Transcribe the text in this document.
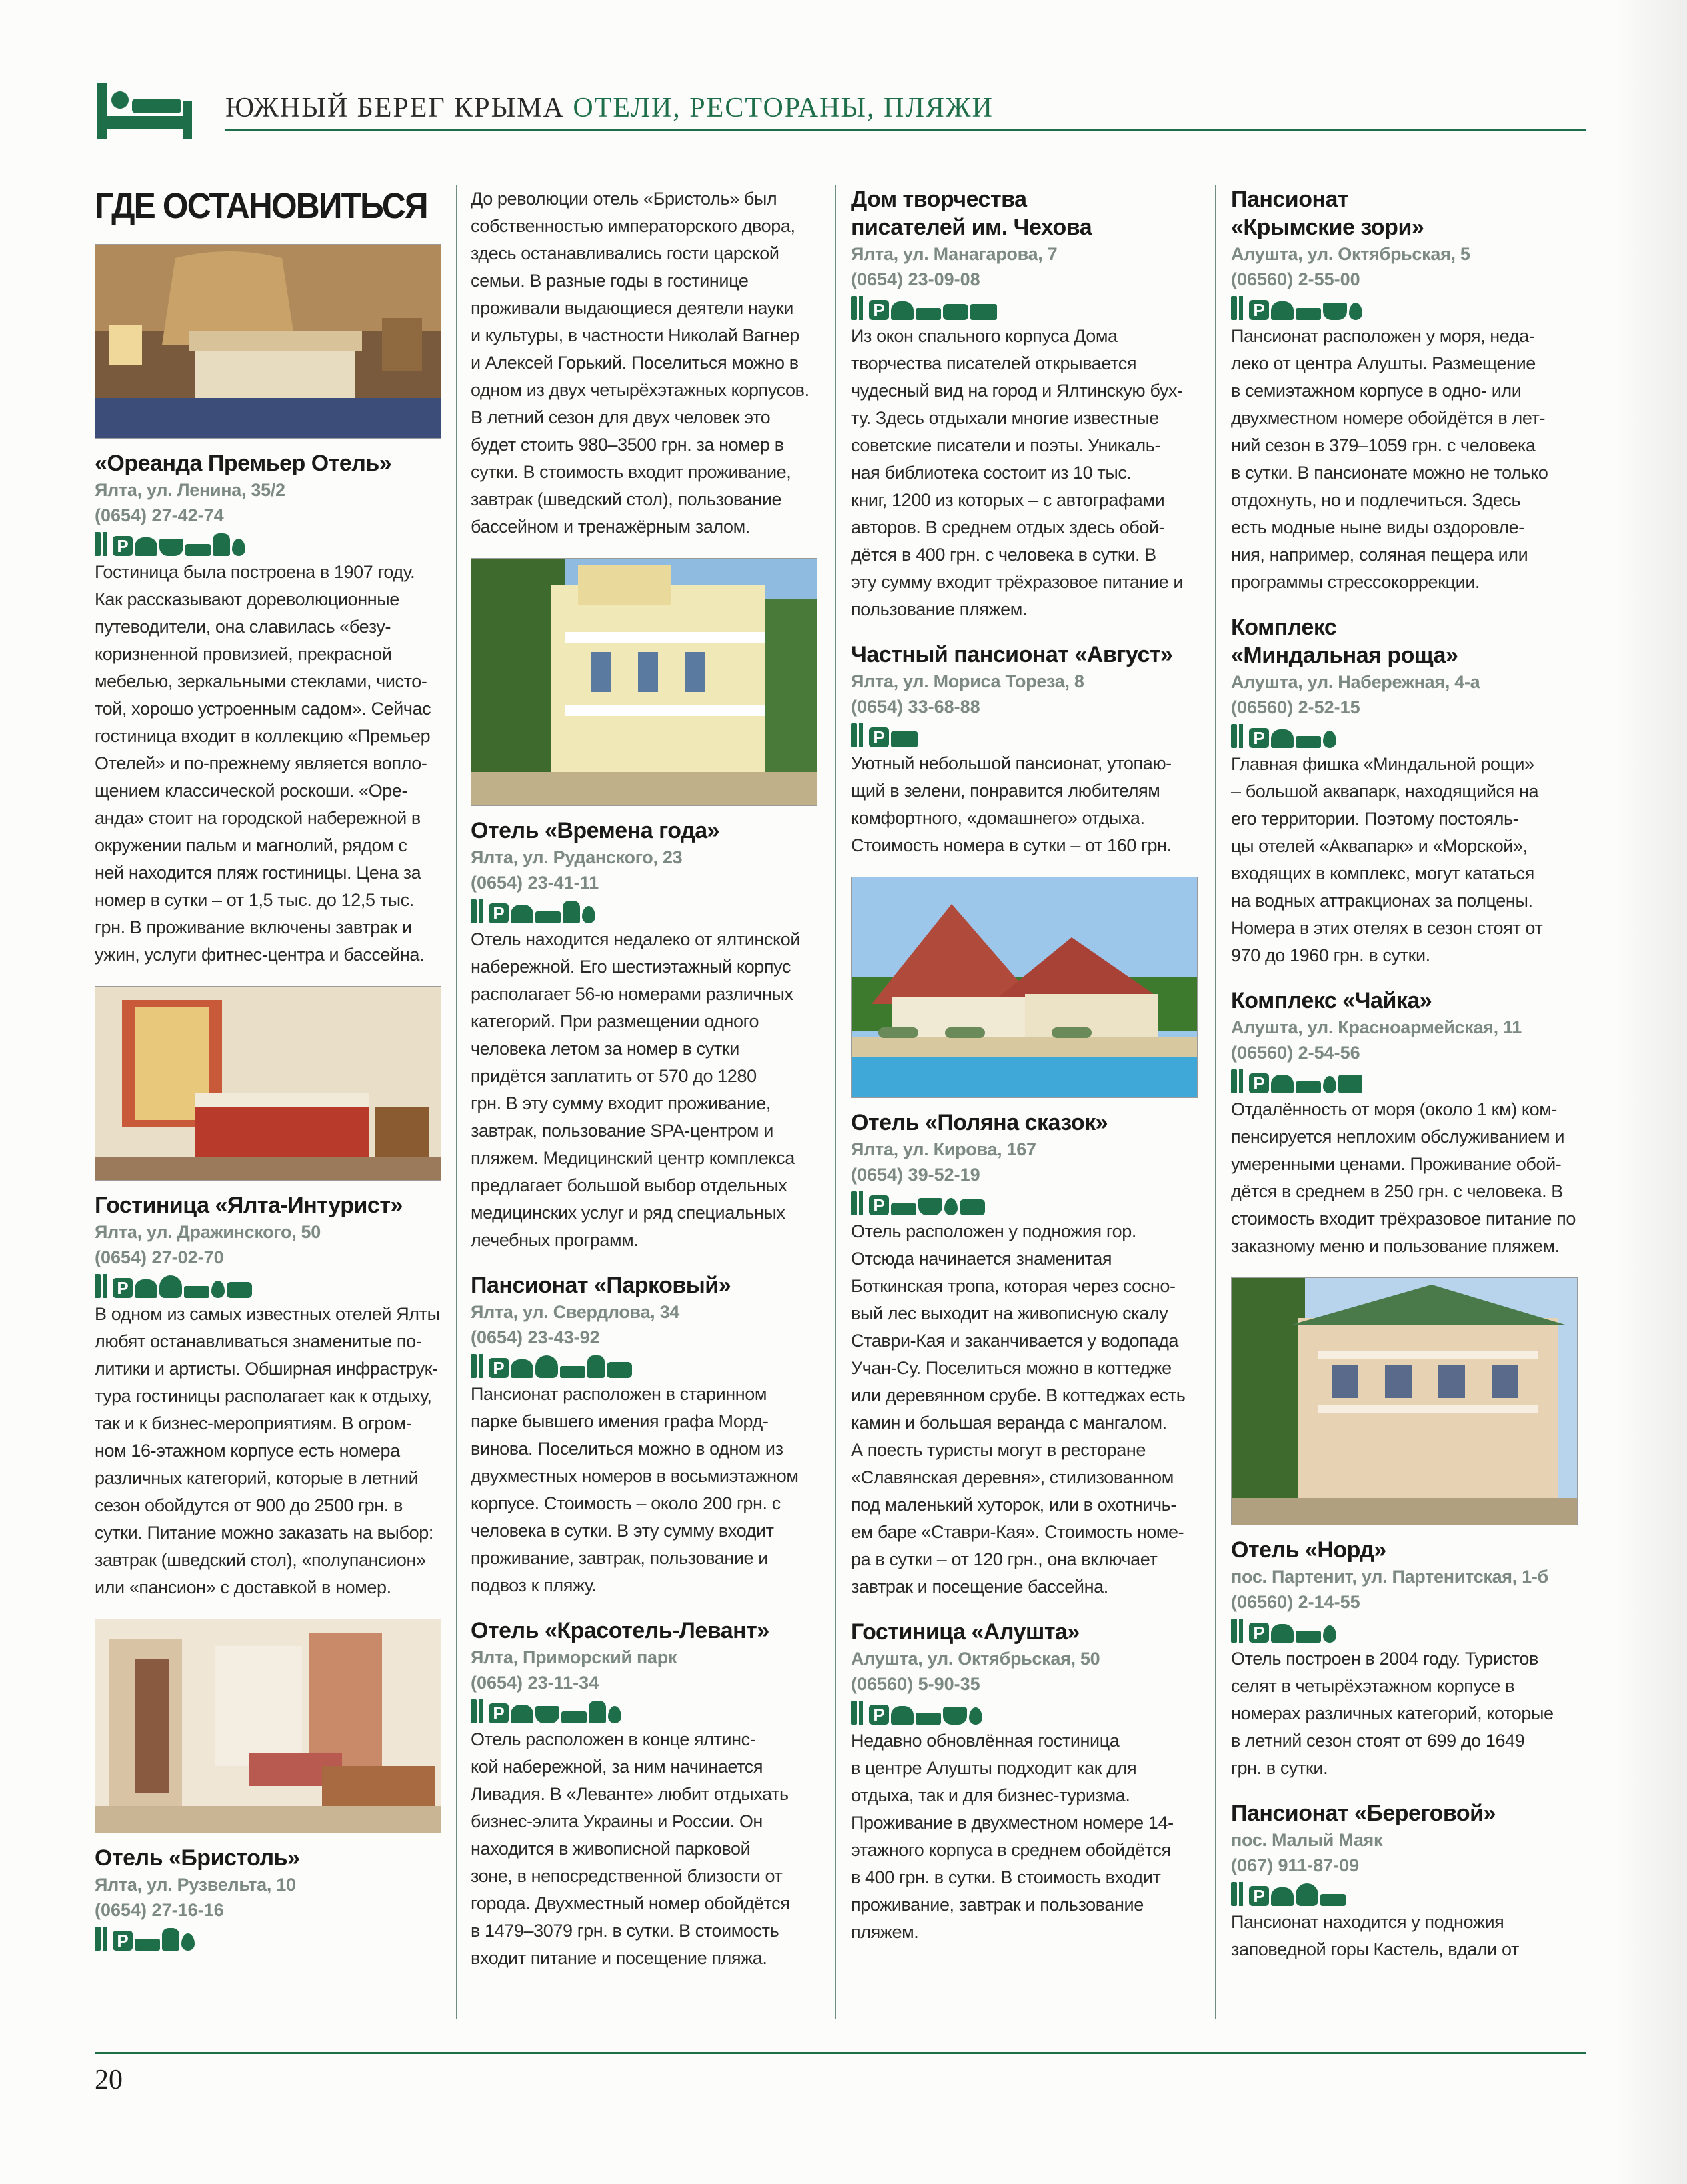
ЮЖНЫЙ БЕРЕГ КРЫМА ОТЕЛИ, РЕСТОРАНЫ, ПЛЯЖИ
ГДЕ ОСТАНОВИТЬСЯ
«Ореанда Премьер Отель»
Ялта, ул. Ленина, 35/2
(0654) 27-42-74
P
Гостиница была построена в 1907 году.
Как рассказывают дореволюционные
путеводители, она славилась «безу-
коризненной провизией, прекрасной
мебелью, зеркальными стеклами, чисто-
той, хорошо устроенным садом». Сейчас
гостиница входит в коллекцию «Премьер
Отелей» и по-прежнему является вопло-
щением классической роскоши. «Оре-
анда» стоит на городской набережной в
окружении пальм и магнолий, рядом с
ней находится пляж гостиницы. Цена за
номер в сутки – от 1,5 тыс. до 12,5 тыс.
грн. В проживание включены завтрак и
ужин, услуги фитнес-центра и бассейна.
Гостиница «Ялта-Интурист»
Ялта, ул. Дражинского, 50
(0654) 27-02-70
P
В одном из самых известных отелей Ялты
любят останавливаться знаменитые по-
литики и артисты. Обширная инфраструк-
тура гостиницы располагает как к отдыху,
так и к бизнес-мероприятиям. В огром-
ном 16-этажном корпусе есть номера
различных категорий, которые в летний
сезон обойдутся от 900 до 2500 грн. в
сутки. Питание можно заказать на выбор:
завтрак (шведский стол), «полупансион»
или «пансион» с доставкой в номер.
Отель «Бристоль»
Ялта, ул. Рузвельта, 10
(0654) 27-16-16
P
До революции отель «Бристоль» был
собственностью императорского двора,
здесь останавливались гости царской
семьи. В разные годы в гостинице
проживали выдающиеся деятели науки
и культуры, в частности Николай Вагнер
и Алексей Горький. Поселиться можно в
одном из двух четырёхэтажных корпусов.
В летний сезон для двух человек это
будет стоить 980–3500 грн. за номер в
сутки. В стоимость входит проживание,
завтрак (шведский стол), пользование
бассейном и тренажёрным залом.
Отель «Времена года»
Ялта, ул. Руданского, 23
(0654) 23-41-11
P
Отель находится недалеко от ялтинской
набережной. Его шестиэтажный корпус
располагает 56-ю номерами различных
категорий. При размещении одного
человека летом за номер в сутки
придётся заплатить от 570 до 1280
грн. В эту сумму входит проживание,
завтрак, пользование SPA-центром и
пляжем. Медицинский центр комплекса
предлагает большой выбор отдельных
медицинских услуг и ряд специальных
лечебных программ.
Пансионат «Парковый»
Ялта, ул. Свердлова, 34
(0654) 23-43-92
P
Пансионат расположен в старинном
парке бывшего имения графа Морд-
винова. Поселиться можно в одном из
двухместных номеров в восьмиэтажном
корпусе. Стоимость – около 200 грн. с
человека в сутки. В эту сумму входит
проживание, завтрак, пользование и
подвоз к пляжу.
Отель «Красотель-Левант»
Ялта, Приморский парк
(0654) 23-11-34
P
Отель расположен в конце ялтинс-
кой набережной, за ним начинается
Ливадия. В «Леванте» любит отдыхать
бизнес-элита Украины и России. Он
находится в живописной парковой
зоне, в непосредственной близости от
города. Двухместный номер обойдётся
в 1479–3079 грн. в сутки. В стоимость
входит питание и посещение пляжа.
Дом творчества
писателей им. Чехова
Ялта, ул. Манагарова, 7
(0654) 23-09-08
P
Из окон спального корпуса Дома
творчества писателей открывается
чудесный вид на город и Ялтинскую бух-
ту. Здесь отдыхали многие известные
советские писатели и поэты. Уникаль-
ная библиотека состоит из 10 тыс.
книг, 1200 из которых – с автографами
авторов. В среднем отдых здесь обой-
дётся в 400 грн. с человека в сутки. В
эту сумму входит трёхразовое питание и
пользование пляжем.
Частный пансионат «Август»
Ялта, ул. Мориса Тореза, 8
(0654) 33-68-88
P
Уютный небольшой пансионат, утопаю-
щий в зелени, понравится любителям
комфортного, «домашнего» отдыха.
Стоимость номера в сутки – от 160 грн.
Отель «Поляна сказок»
Ялта, ул. Кирова, 167
(0654) 39-52-19
P
Отель расположен у подножия гор.
Отсюда начинается знаменитая
Боткинская тропа, которая через сосно-
вый лес выходит на живописную скалу
Ставри-Кая и заканчивается у водопада
Учан-Су. Поселиться можно в коттедже
или деревянном срубе. В коттеджах есть
камин и большая веранда с мангалом.
А поесть туристы могут в ресторане
«Славянская деревня», стилизованном
под маленький хуторок, или в охотничь-
ем баре «Ставри-Кая». Стоимость номе-
ра в сутки – от 120 грн., она включает
завтрак и посещение бассейна.
Гостиница «Алушта»
Алушта, ул. Октябрьская, 50
(06560) 5-90-35
P
Недавно обновлённая гостиница
в центре Алушты подходит как для
отдыха, так и для бизнес-туризма.
Проживание в двухместном номере 14-
этажного корпуса в среднем обойдётся
в 400 грн. в сутки. В стоимость входит
проживание, завтрак и пользование
пляжем.
Пансионат
«Крымские зори»
Алушта, ул. Октябрьская, 5
(06560) 2-55-00
P
Пансионат расположен у моря, неда-
леко от центра Алушты. Размещение
в семиэтажном корпусе в одно- или
двухместном номере обойдётся в лет-
ний сезон в 379–1059 грн. с человека
в сутки. В пансионате можно не только
отдохнуть, но и подлечиться. Здесь
есть модные ныне виды оздоровле-
ния, например, соляная пещера или
программы стрессокоррекции.
Комплекс
«Миндальная роща»
Алушта, ул. Набережная, 4-а
(06560) 2-52-15
P
Главная фишка «Миндальной рощи»
– большой аквапарк, находящийся на
его территории. Поэтому постояль-
цы отелей «Аквапарк» и «Морской»,
входящих в комплекс, могут кататься
на водных аттракционах за полцены.
Номера в этих отелях в сезон стоят от
970 до 1960 грн. в сутки.
Комплекс «Чайка»
Алушта, ул. Красноармейская, 11
(06560) 2-54-56
P
Отдалённость от моря (около 1 км) ком-
пенсируется неплохим обслуживанием и
умеренными ценами. Проживание обой-
дётся в среднем в 250 грн. с человека. В
стоимость входит трёхразовое питание по
заказному меню и пользование пляжем.
Отель «Норд»
пос. Партенит, ул. Партенитская, 1-б
(06560) 2-14-55
P
Отель построен в 2004 году. Туристов
селят в четырёхэтажном корпусе в
номерах различных категорий, которые
в летний сезон стоят от 699 до 1649
грн. в сутки.
Пансионат «Береговой»
пос. Малый Маяк
(067) 911-87-09
P
Пансионат находится у подножия
заповедной горы Кастель, вдали от
20
